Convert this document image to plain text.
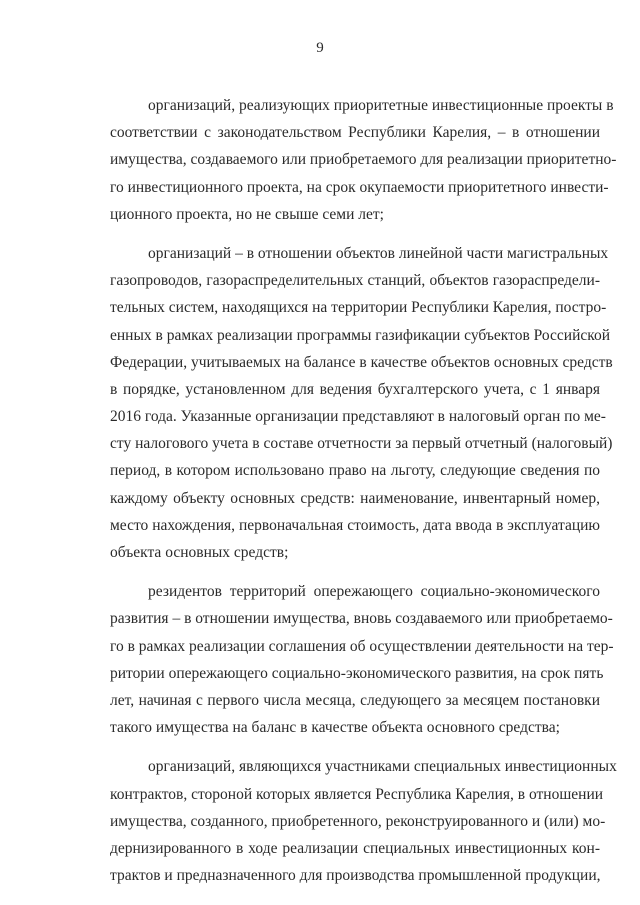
9
организаций, реализующих приоритетные инвестиционные проекты в
соответствии с законодательством Республики Карелия, – в отношении
имущества, создаваемого или приобретаемого для реализации приоритетно-
го инвестиционного проекта, на срок окупаемости приоритетного инвести-
ционного проекта, но не свыше семи лет;
организаций – в отношении объектов линейной части магистральных
газопроводов, газораспределительных станций, объектов газораспредели-
тельных систем, находящихся на территории Республики Карелия, постро-
енных в рамках реализации программы газификации субъектов Российской
Федерации, учитываемых на балансе в качестве объектов основных средств
в порядке, установленном для ведения бухгалтерского учета, с 1 января
2016 года. Указанные организации представляют в налоговый орган по ме-
сту налогового учета в составе отчетности за первый отчетный (налоговый)
период, в котором использовано право на льготу, следующие сведения по
каждому объекту основных средств: наименование, инвентарный номер,
место нахождения, первоначальная стоимость, дата ввода в эксплуатацию
объекта основных средств;
резидентов территорий опережающего социально-экономического
развития – в отношении имущества, вновь создаваемого или приобретаемо-
го в рамках реализации соглашения об осуществлении деятельности на тер-
ритории опережающего социально-экономического развития, на срок пять
лет, начиная с первого числа месяца, следующего за месяцем постановки
такого имущества на баланс в качестве объекта основного средства;
организаций, являющихся участниками специальных инвестиционных
контрактов, стороной которых является Республика Карелия, в отношении
имущества, созданного, приобретенного, реконструированного и (или) мо-
дернизированного в ходе реализации специальных инвестиционных кон-
трактов и предназначенного для производства промышленной продукции,
